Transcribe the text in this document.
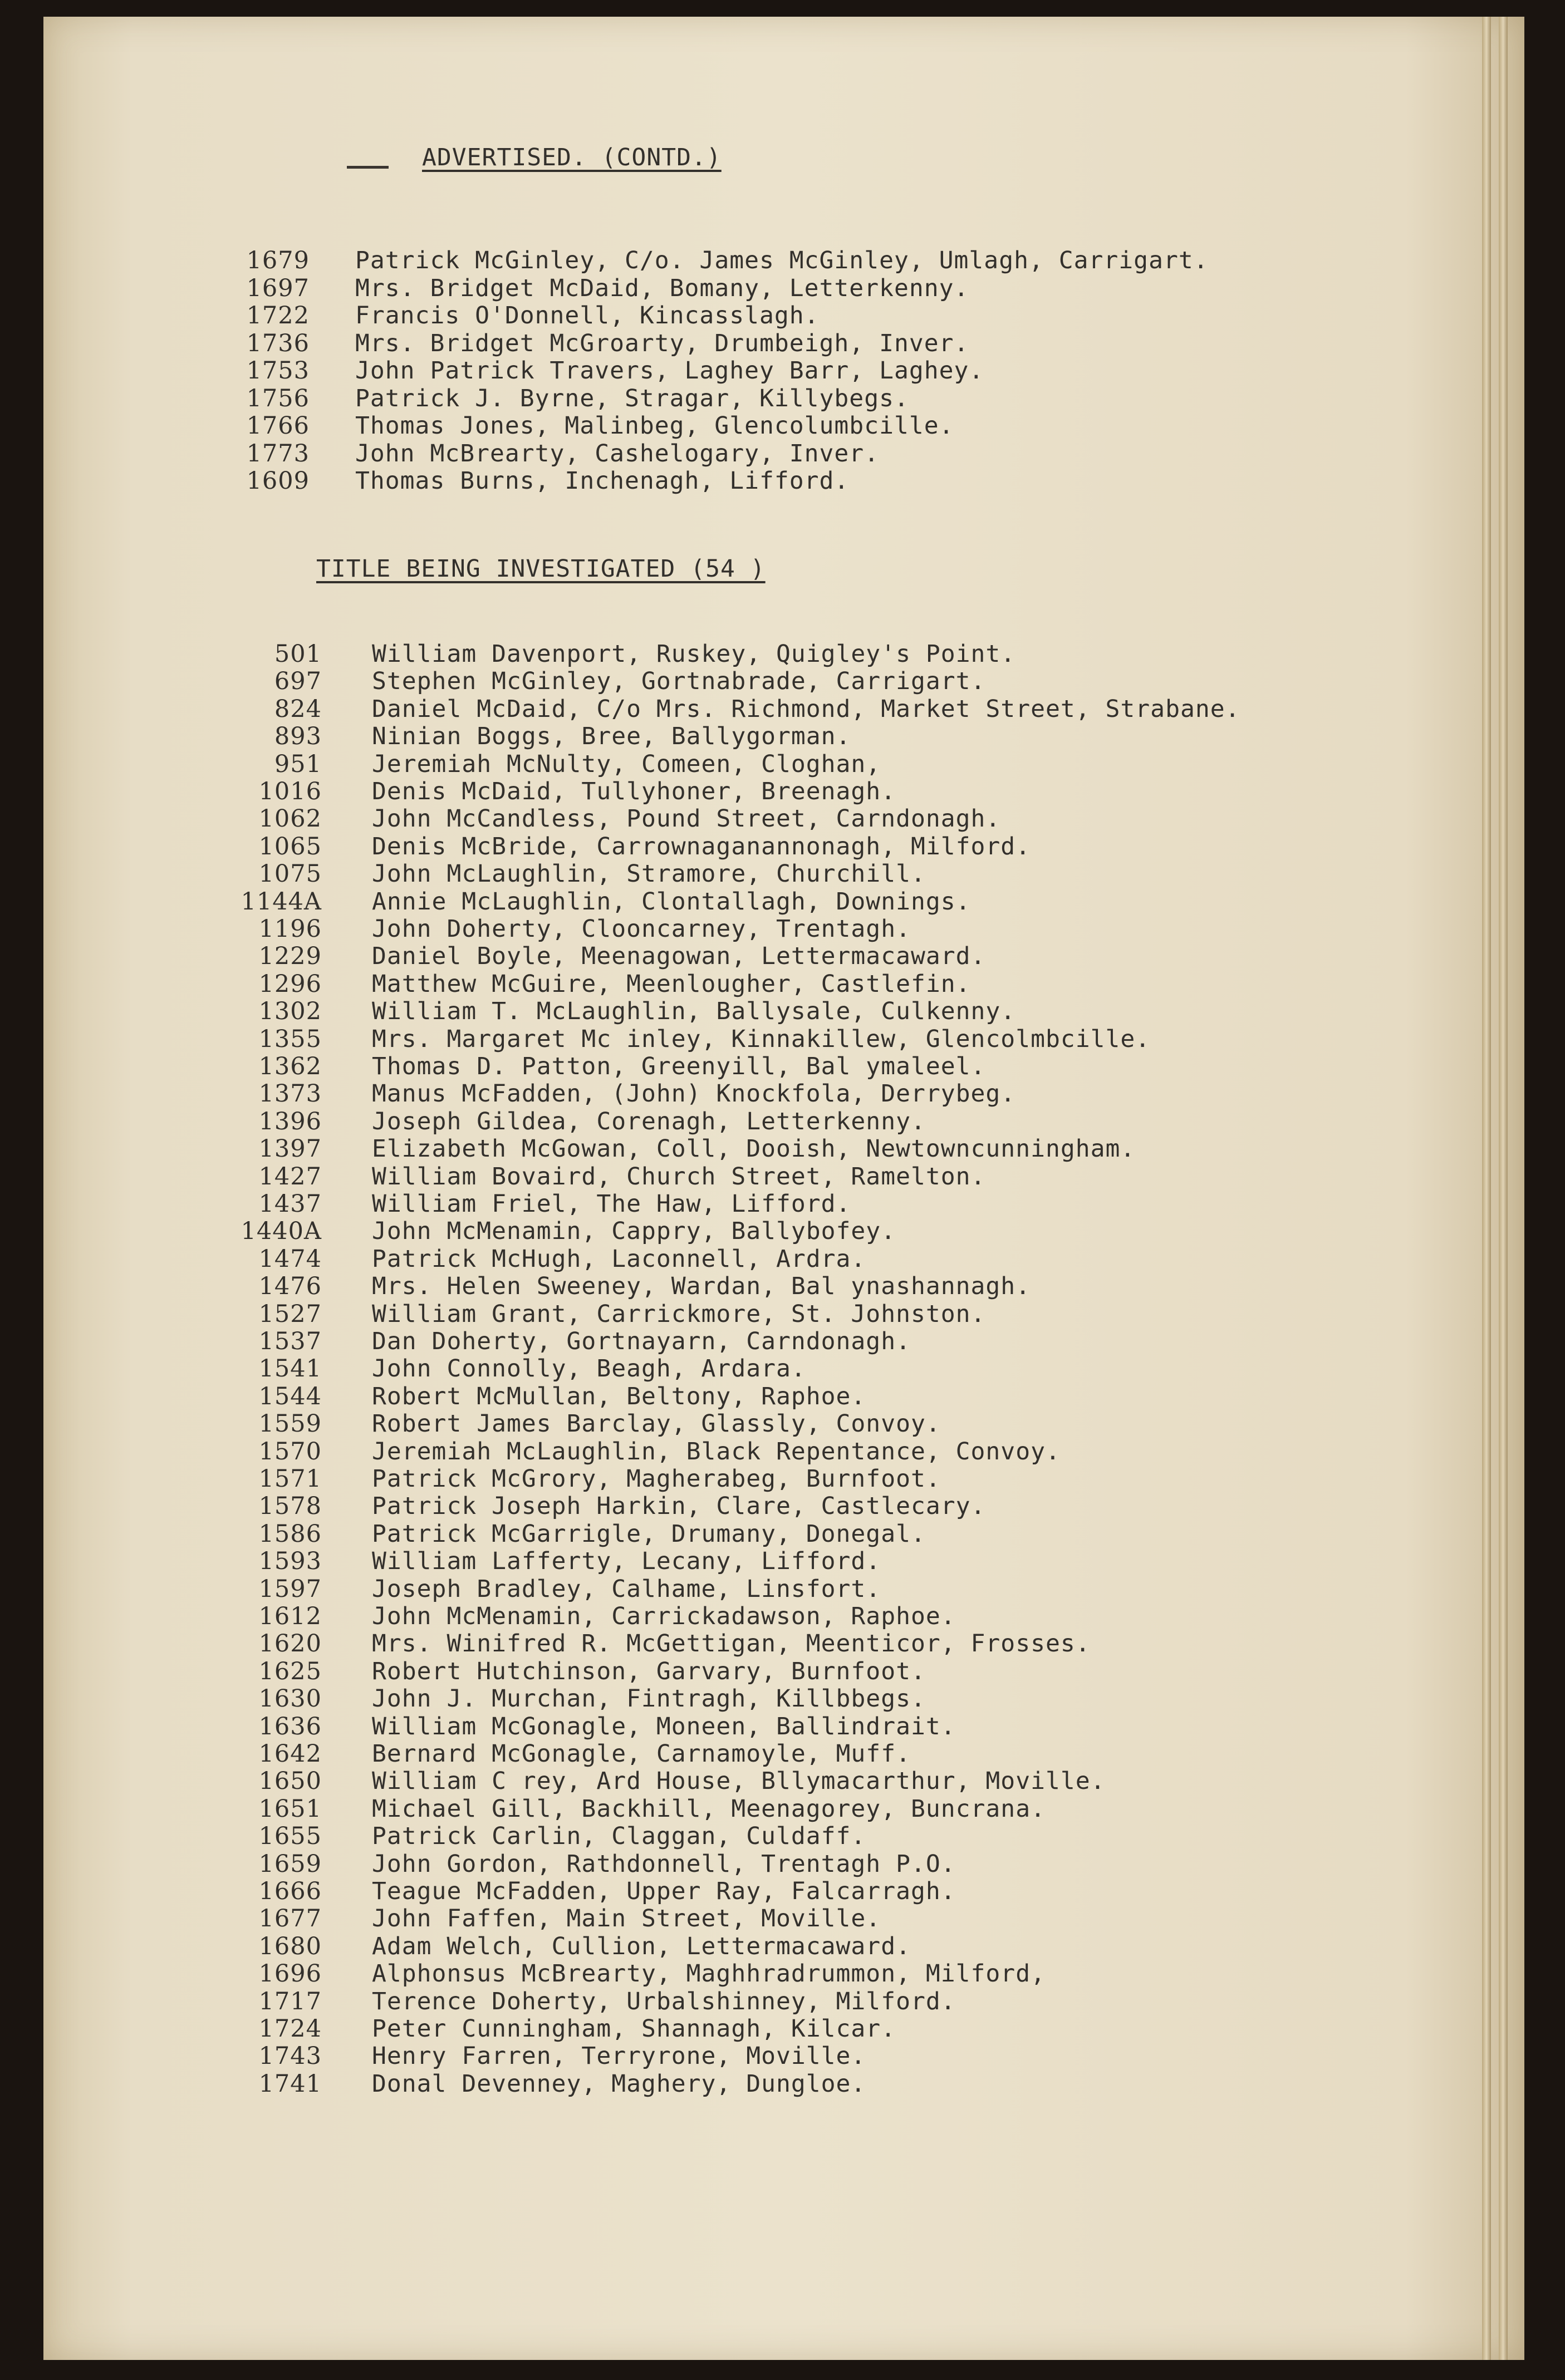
ADVERTISED. (CONTD.)
1679 Patrick McGinley, C/o. James McGinley, Umlagh, Carrigart.
1697 Mrs. Bridget McDaid, Bomany, Letterkenny.
1722 Francis O'Donnell, Kincasslagh.
1736 Mrs. Bridget McGroarty, Drumbeigh, Inver.
1753 John Patrick Travers, Laghey Barr, Laghey.
1756 Patrick J. Byrne, Stragar, Killybegs.
1766 Thomas Jones, Malinbeg, Glencolumbcille.
1773 John McBrearty, Cashelogary, Inver.
1609 Thomas Burns, Inchenagh, Lifford.
TITLE BEING INVESTIGATED (54 )
501 William Davenport, Ruskey, Quigley's Point.
697 Stephen McGinley, Gortnabrade, Carrigart.
824 Daniel McDaid, C/o Mrs. Richmond, Market Street, Strabane.
893 Ninian Boggs, Bree, Ballygorman.
951 Jeremiah McNulty, Comeen, Cloghan,
1016 Denis McDaid, Tullyhoner, Breenagh.
1062 John McCandless, Pound Street, Carndonagh.
1065 Denis McBride, Carrownaganannonagh, Milford.
1075 John McLaughlin, Stramore, Churchill.
1144A Annie McLaughlin, Clontallagh, Downings.
1196 John Doherty, Clooncarney, Trentagh.
1229 Daniel Boyle, Meenagowan, Lettermacaward.
1296 Matthew McGuire, Meenlougher, Castlefin.
1302 William T. McLaughlin, Ballysale, Culkenny.
1355 Mrs. Margaret Mc inley, Kinnakillew, Glencolmbcille.
1362 Thomas D. Patton, Greenyill, Bal ymaleel.
1373 Manus McFadden, (John) Knockfola, Derrybeg.
1396 Joseph Gildea, Corenagh, Letterkenny.
1397 Elizabeth McGowan, Coll, Dooish, Newtowncunningham.
1427 William Bovaird, Church Street, Ramelton.
1437 William Friel, The Haw, Lifford.
1440A John McMenamin, Cappry, Ballybofey.
1474 Patrick McHugh, Laconnell, Ardra.
1476 Mrs. Helen Sweeney, Wardan, Bal ynashannagh.
1527 William Grant, Carrickmore, St. Johnston.
1537 Dan Doherty, Gortnayarn, Carndonagh.
1541 John Connolly, Beagh, Ardara.
1544 Robert McMullan, Beltony, Raphoe.
1559 Robert James Barclay, Glassly, Convoy.
1570 Jeremiah McLaughlin, Black Repentance, Convoy.
1571 Patrick McGrory, Magherabeg, Burnfoot.
1578 Patrick Joseph Harkin, Clare, Castlecary.
1586 Patrick McGarrigle, Drumany, Donegal.
1593 William Lafferty, Lecany, Lifford.
1597 Joseph Bradley, Calhame, Linsfort.
1612 John McMenamin, Carrickadawson, Raphoe.
1620 Mrs. Winifred R. McGettigan, Meenticor, Frosses.
1625 Robert Hutchinson, Garvary, Burnfoot.
1630 John J. Murchan, Fintragh, Killbbegs.
1636 William McGonagle, Moneen, Ballindrait.
1642 Bernard McGonagle, Carnamoyle, Muff.
1650 William C rey, Ard House, Bllymacarthur, Moville.
1651 Michael Gill, Backhill, Meenagorey, Buncrana.
1655 Patrick Carlin, Claggan, Culdaff.
1659 John Gordon, Rathdonnell, Trentagh P.O.
1666 Teague McFadden, Upper Ray, Falcarragh.
1677 John Faffen, Main Street, Moville.
1680 Adam Welch, Cullion, Lettermacaward.
1696 Alphonsus McBrearty, Maghhradrummon, Milford,
1717 Terence Doherty, Urbalshinney, Milford.
1724 Peter Cunningham, Shannagh, Kilcar.
1743 Henry Farren, Terryrone, Moville.
1741 Donal Devenney, Maghery, Dungloe.
